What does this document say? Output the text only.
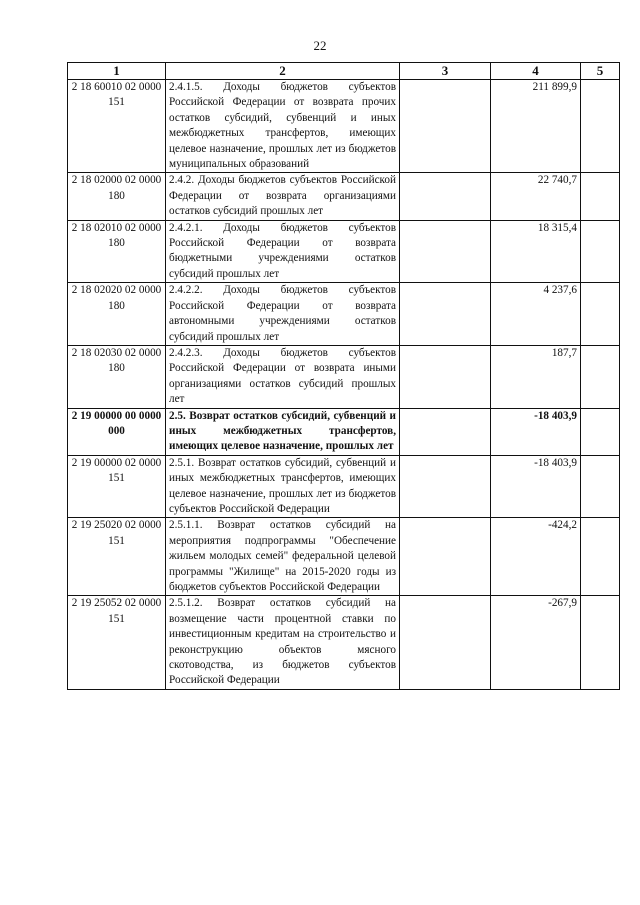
22
1	2	3	4	5
2 18 60010 02 0000 151	2.4.1.5. Доходы бюджетов субъектов Российской Федерации от возврата прочих остатков субсидий, субвенций и иных межбюджетных трансфертов, имеющих целевое назначение, прошлых лет из бюджетов муниципальных образований		211 899,9	
2 18 02000 02 0000 180	2.4.2. Доходы бюджетов субъектов Российской Федерации от возврата организациями остатков субсидий прошлых лет		22 740,7	
2 18 02010 02 0000 180	2.4.2.1. Доходы бюджетов субъектов Российской Федерации от возврата бюджетными учреждениями остатков субсидий прошлых лет		18 315,4	
2 18 02020 02 0000 180	2.4.2.2. Доходы бюджетов субъектов Российской Федерации от возврата автономными учреждениями остатков субсидий прошлых лет		4 237,6	
2 18 02030 02 0000 180	2.4.2.3. Доходы бюджетов субъектов Российской Федерации от возврата иными организациями остатков субсидий прошлых лет		187,7	
2 19 00000 00 0000 000	2.5. Возврат остатков субсидий, субвенций и иных межбюджетных трансфертов, имеющих целевое назначение, прошлых лет		-18 403,9	
2 19 00000 02 0000 151	2.5.1. Возврат остатков субсидий, субвенций и иных межбюджетных трансфертов, имеющих целевое назначение, прошлых лет из бюджетов субъектов Российской Федерации		-18 403,9	
2 19 25020 02 0000 151	2.5.1.1. Возврат остатков субсидий на мероприятия подпрограммы "Обеспечение жильем молодых семей" федеральной целевой программы "Жилище" на 2015-2020 годы из бюджетов субъектов Российской Федерации		-424,2	
2 19 25052 02 0000 151	2.5.1.2. Возврат остатков субсидий на возмещение части процентной ставки по инвестиционным кредитам на строительство и реконструкцию объектов мясного скотоводства, из бюджетов субъектов Российской Федерации		-267,9	
